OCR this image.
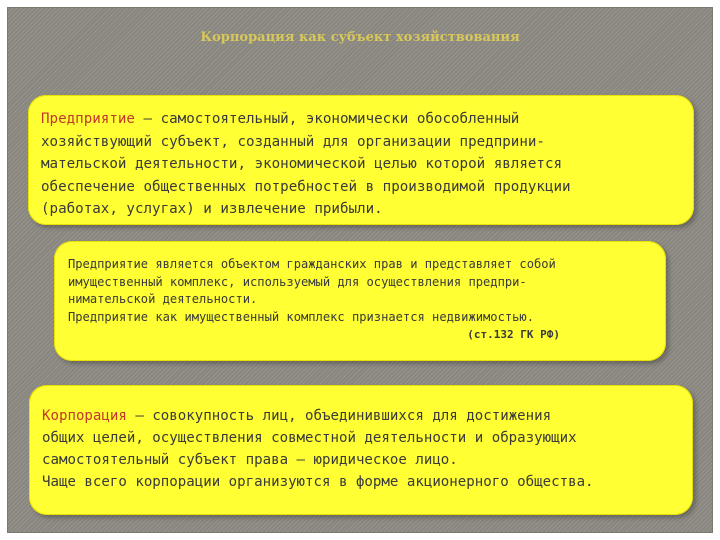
Корпорация как субъект хозяйствования
Предприятие – самостоятельный, экономически обособленный
хозяйствующий субъект, созданный для организации предприни-
мательской деятельности, экономической целью которой является
обеспечение общественных потребностей в производимой продукции
(работах, услугах) и извлечение прибыли.
Предприятие является объектом гражданских прав и представляет собой
имущественный комплекс, используемый для осуществления предпри-
нимательской деятельности.
Предприятие как имущественный комплекс признается недвижимостью.
(ст.132 ГК РФ)
Корпорация – совокупность лиц, объединившихся для достижения
общих целей, осуществления совместной деятельности и образующих
самостоятельный субъект права – юридическое лицо.
Чаще всего корпорации организуются в форме акционерного общества.
